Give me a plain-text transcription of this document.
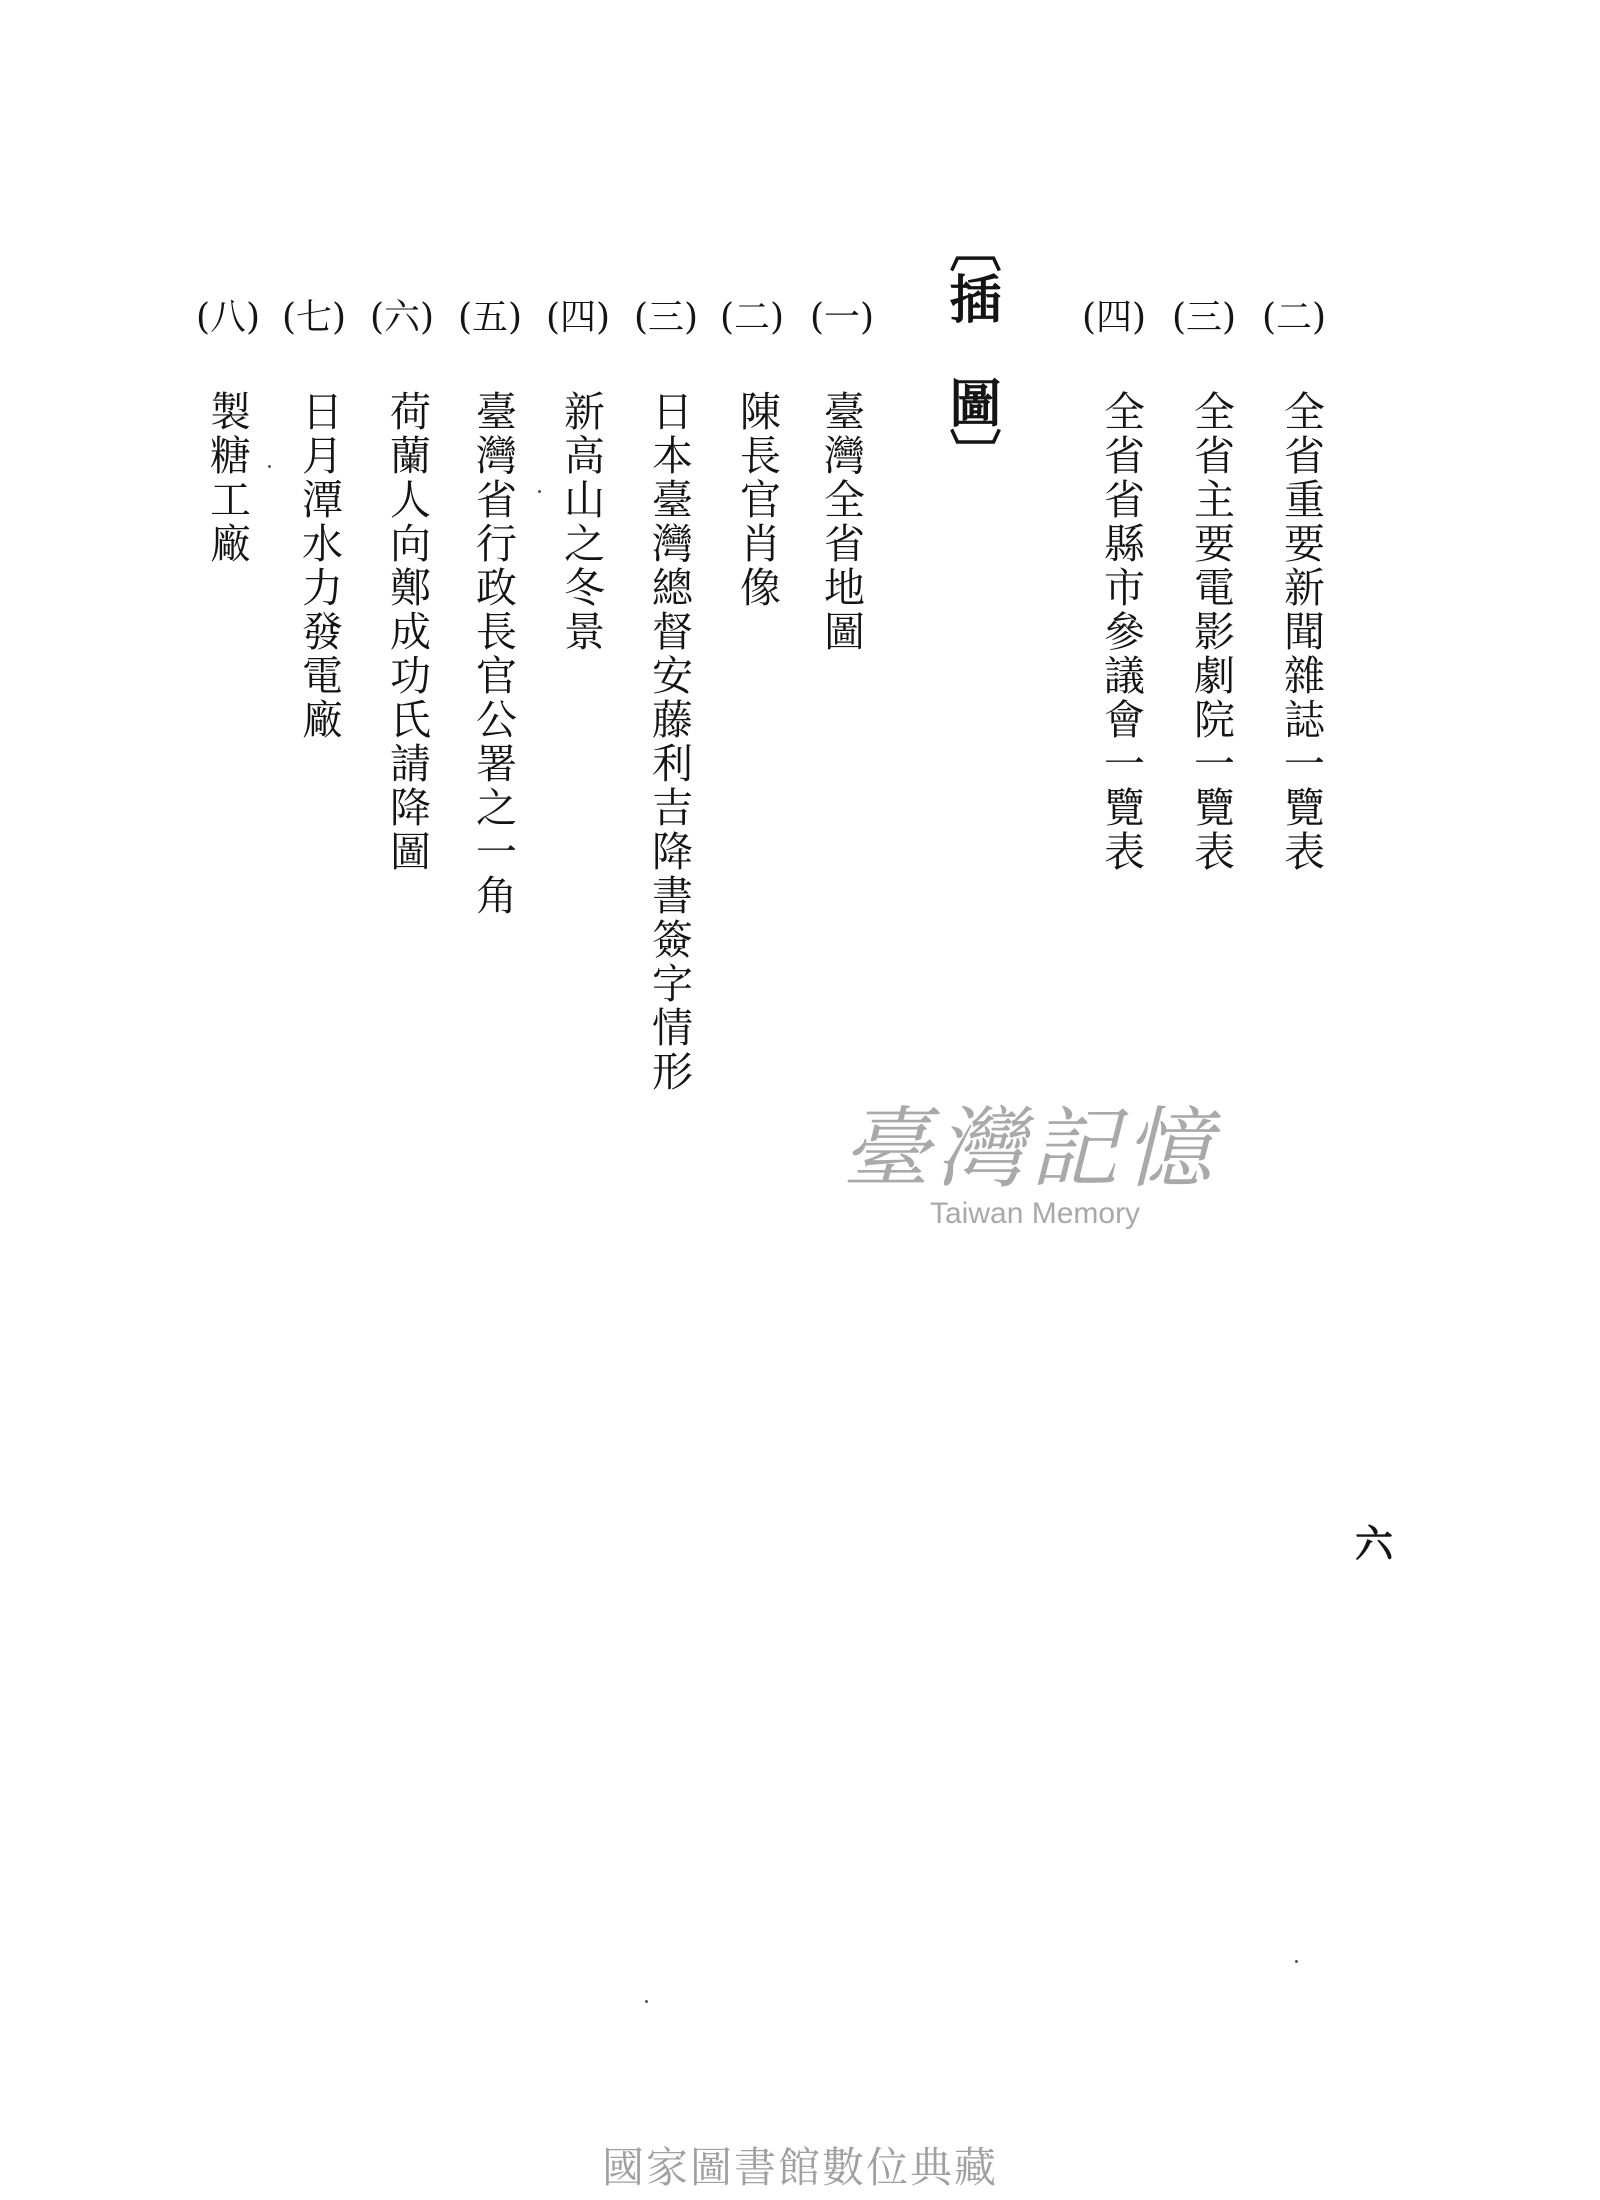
(二)
全省重要新聞雜誌一覽表
(三)
全省主要電影劇院一覽表
(四)
全省省縣市參議會一覽表
〔插　圖〕
(一)
臺灣全省地圖
(二)
陳長官肖像
(三)
日本臺灣總督安藤利吉降書簽字情形
(四)
新高山之冬景
(五)
臺灣省行政長官公署之一角
(六)
荷蘭人向鄭成功氏請降圖
(七)
日月潭水力發電廠
(八)
製糖工廠
六
臺灣記憶
Taiwan Memory
國家圖書館數位典藏
